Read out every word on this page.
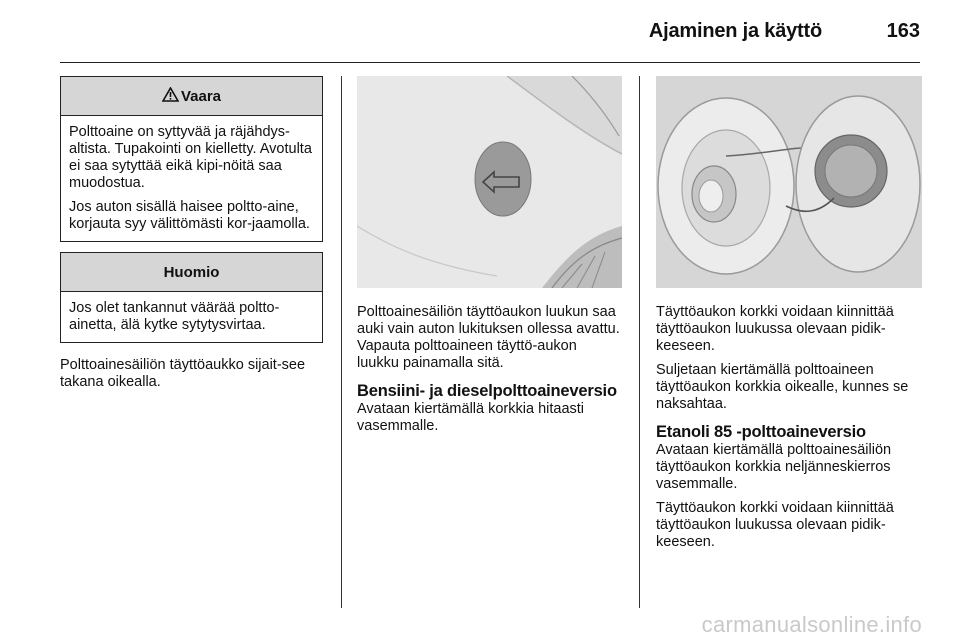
Ajaminen ja käyttö	163
Vaara

Polttoaine on syttyvää ja räjähdys-altista. Tupakointi on kielletty. Avotulta ei saa sytyttää eikä kipi-nöitä saa muodostua.

Jos auton sisällä haisee poltto-aine, korjauta syy välittömästi kor-jaamolla.

Huomio

Jos olet tankannut väärää poltto-ainetta, älä kytke sytytysvirtaa.

Polttoainesäiliön täyttöaukko sijait-see takana oikealla.

Polttoainesäiliön täyttöaukon luukun saa auki vain auton lukituksen ollessa avattu. Vapauta polttoaineen täyttö-aukon luukku painamalla sitä.

Bensiini- ja dieselpolttoaineversio

Avataan kiertämällä korkkia hitaasti vasemmalle.

Täyttöaukon korkki voidaan kiinnittää täyttöaukon luukussa olevaan pidik-keeseen.

Suljetaan kiertämällä polttoaineen täyttöaukon korkkia oikealle, kunnes se naksahtaa.

Etanoli 85 -polttoaineversio

Avataan kiertämällä polttoainesäiliön täyttöaukon korkkia neljänneskierros vasemmalle.

Täyttöaukon korkki voidaan kiinnittää täyttöaukon luukussa olevaan pidik-keeseen.

carmanualsonline.info
